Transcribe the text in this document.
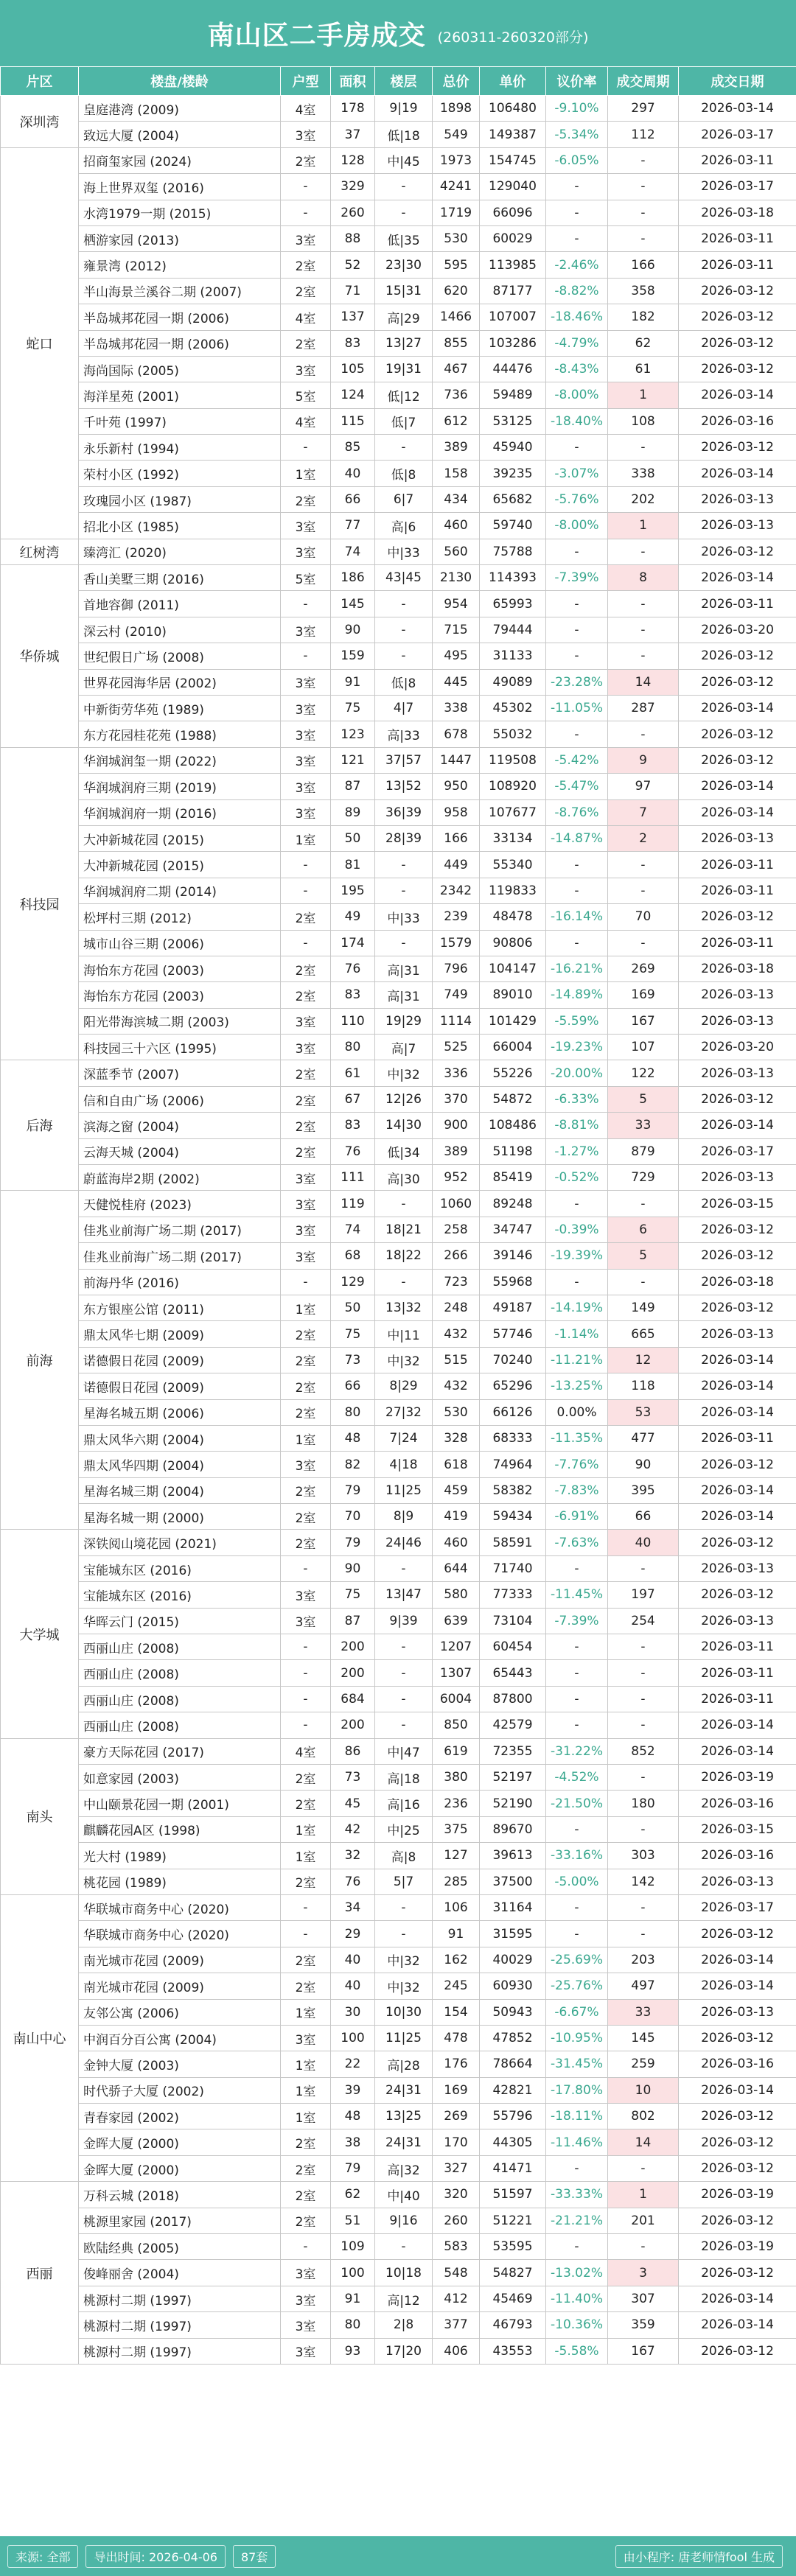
南山区二手房成交 (260311-260320部分)
片区	楼盘/楼龄	户型	面积	楼层	总价	单价	议价率	成交周期	成交日期
深圳湾	皇庭港湾 (2009)	4室	178	9|19	1898	106480	-9.10%	297	2026-03-14
	致远大厦 (2004)	3室	37	低|18	549	149387	-5.34%	112	2026-03-17
蛇口	招商玺家园 (2024)	2室	128	中|45	1973	154745	-6.05%	-	2026-03-11
	海上世界双玺 (2016)	-	329	-	4241	129040	-	-	2026-03-17
	水湾1979一期 (2015)	-	260	-	1719	66096	-	-	2026-03-18
	栖游家园 (2013)	3室	88	低|35	530	60029	-	-	2026-03-11
	雍景湾 (2012)	2室	52	23|30	595	113985	-2.46%	166	2026-03-11
	半山海景兰溪谷二期 (2007)	2室	71	15|31	620	87177	-8.82%	358	2026-03-12
	半岛城邦花园一期 (2006)	4室	137	高|29	1466	107007	-18.46%	182	2026-03-12
	半岛城邦花园一期 (2006)	2室	83	13|27	855	103286	-4.79%	62	2026-03-12
	海尚国际 (2005)	3室	105	19|31	467	44476	-8.43%	61	2026-03-12
	海洋星苑 (2001)	5室	124	低|12	736	59489	-8.00%	1	2026-03-14
	千叶苑 (1997)	4室	115	低|7	612	53125	-18.40%	108	2026-03-16
	永乐新村 (1994)	-	85	-	389	45940	-	-	2026-03-12
	荣村小区 (1992)	1室	40	低|8	158	39235	-3.07%	338	2026-03-14
	玫瑰园小区 (1987)	2室	66	6|7	434	65682	-5.76%	202	2026-03-13
	招北小区 (1985)	3室	77	高|6	460	59740	-8.00%	1	2026-03-13
红树湾	臻湾汇 (2020)	3室	74	中|33	560	75788	-	-	2026-03-12
华侨城	香山美墅三期 (2016)	5室	186	43|45	2130	114393	-7.39%	8	2026-03-14
	首地容御 (2011)	-	145	-	954	65993	-	-	2026-03-11
	深云村 (2010)	3室	90	-	715	79444	-	-	2026-03-20
	世纪假日广场 (2008)	-	159	-	495	31133	-	-	2026-03-12
	世界花园海华居 (2002)	3室	91	低|8	445	49089	-23.28%	14	2026-03-12
	中新街劳华苑 (1989)	3室	75	4|7	338	45302	-11.05%	287	2026-03-14
	东方花园桂花苑 (1988)	3室	123	高|33	678	55032	-	-	2026-03-12
科技园	华润城润玺一期 (2022)	3室	121	37|57	1447	119508	-5.42%	9	2026-03-12
	华润城润府三期 (2019)	3室	87	13|52	950	108920	-5.47%	97	2026-03-14
	华润城润府一期 (2016)	3室	89	36|39	958	107677	-8.76%	7	2026-03-14
	大冲新城花园 (2015)	1室	50	28|39	166	33134	-14.87%	2	2026-03-13
	大冲新城花园 (2015)	-	81	-	449	55340	-	-	2026-03-11
	华润城润府二期 (2014)	-	195	-	2342	119833	-	-	2026-03-11
	松坪村三期 (2012)	2室	49	中|33	239	48478	-16.14%	70	2026-03-12
	城市山谷三期 (2006)	-	174	-	1579	90806	-	-	2026-03-11
	海怡东方花园 (2003)	2室	76	高|31	796	104147	-16.21%	269	2026-03-18
	海怡东方花园 (2003)	2室	83	高|31	749	89010	-14.89%	169	2026-03-13
	阳光带海滨城二期 (2003)	3室	110	19|29	1114	101429	-5.59%	167	2026-03-13
	科技园三十六区 (1995)	3室	80	高|7	525	66004	-19.23%	107	2026-03-20
后海	深蓝季节 (2007)	2室	61	中|32	336	55226	-20.00%	122	2026-03-13
	信和自由广场 (2006)	2室	67	12|26	370	54872	-6.33%	5	2026-03-12
	滨海之窗 (2004)	2室	83	14|30	900	108486	-8.81%	33	2026-03-14
	云海天城 (2004)	2室	76	低|34	389	51198	-1.27%	879	2026-03-17
	蔚蓝海岸2期 (2002)	3室	111	高|30	952	85419	-0.52%	729	2026-03-13
前海	天健悦桂府 (2023)	3室	119	-	1060	89248	-	-	2026-03-15
	佳兆业前海广场二期 (2017)	3室	74	18|21	258	34747	-0.39%	6	2026-03-12
	佳兆业前海广场二期 (2017)	3室	68	18|22	266	39146	-19.39%	5	2026-03-12
	前海丹华 (2016)	-	129	-	723	55968	-	-	2026-03-18
	东方银座公馆 (2011)	1室	50	13|32	248	49187	-14.19%	149	2026-03-12
	鼎太风华七期 (2009)	2室	75	中|11	432	57746	-1.14%	665	2026-03-13
	诺德假日花园 (2009)	2室	73	中|32	515	70240	-11.21%	12	2026-03-14
	诺德假日花园 (2009)	2室	66	8|29	432	65296	-13.25%	118	2026-03-14
	星海名城五期 (2006)	2室	80	27|32	530	66126	0.00%	53	2026-03-14
	鼎太风华六期 (2004)	1室	48	7|24	328	68333	-11.35%	477	2026-03-11
	鼎太风华四期 (2004)	3室	82	4|18	618	74964	-7.76%	90	2026-03-12
	星海名城三期 (2004)	2室	79	11|25	459	58382	-7.83%	395	2026-03-14
	星海名城一期 (2000)	2室	70	8|9	419	59434	-6.91%	66	2026-03-14
大学城	深铁阅山境花园 (2021)	2室	79	24|46	460	58591	-7.63%	40	2026-03-12
	宝能城东区 (2016)	-	90	-	644	71740	-	-	2026-03-13
	宝能城东区 (2016)	3室	75	13|47	580	77333	-11.45%	197	2026-03-12
	华晖云门 (2015)	3室	87	9|39	639	73104	-7.39%	254	2026-03-13
	西丽山庄 (2008)	-	200	-	1207	60454	-	-	2026-03-11
	西丽山庄 (2008)	-	200	-	1307	65443	-	-	2026-03-11
	西丽山庄 (2008)	-	684	-	6004	87800	-	-	2026-03-11
	西丽山庄 (2008)	-	200	-	850	42579	-	-	2026-03-14
南头	豪方天际花园 (2017)	4室	86	中|47	619	72355	-31.22%	852	2026-03-14
	如意家园 (2003)	2室	73	高|18	380	52197	-4.52%	-	2026-03-19
	中山颐景花园一期 (2001)	2室	45	高|16	236	52190	-21.50%	180	2026-03-16
	麒麟花园A区 (1998)	1室	42	中|25	375	89670	-	-	2026-03-15
	光大村 (1989)	1室	32	高|8	127	39613	-33.16%	303	2026-03-16
	桃花园 (1989)	2室	76	5|7	285	37500	-5.00%	142	2026-03-13
南山中心	华联城市商务中心 (2020)	-	34	-	106	31164	-	-	2026-03-17
	华联城市商务中心 (2020)	-	29	-	91	31595	-	-	2026-03-12
	南光城市花园 (2009)	2室	40	中|32	162	40029	-25.69%	203	2026-03-14
	南光城市花园 (2009)	2室	40	中|32	245	60930	-25.76%	497	2026-03-14
	友邻公寓 (2006)	1室	30	10|30	154	50943	-6.67%	33	2026-03-13
	中润百分百公寓 (2004)	3室	100	11|25	478	47852	-10.95%	145	2026-03-12
	金钟大厦 (2003)	1室	22	高|28	176	78664	-31.45%	259	2026-03-16
	时代骄子大厦 (2002)	1室	39	24|31	169	42821	-17.80%	10	2026-03-14
	青春家园 (2002)	1室	48	13|25	269	55796	-18.11%	802	2026-03-12
	金晖大厦 (2000)	2室	38	24|31	170	44305	-11.46%	14	2026-03-12
	金晖大厦 (2000)	2室	79	高|32	327	41471	-	-	2026-03-12
西丽	万科云城 (2018)	2室	62	中|40	320	51597	-33.33%	1	2026-03-19
	桃源里家园 (2017)	2室	51	9|16	260	51221	-21.21%	201	2026-03-12
	欧陆经典 (2005)	-	109	-	583	53595	-	-	2026-03-19
	俊峰丽舍 (2004)	3室	100	10|18	548	54827	-13.02%	3	2026-03-12
	桃源村二期 (1997)	3室	91	高|12	412	45469	-11.40%	307	2026-03-14
	桃源村二期 (1997)	3室	80	2|8	377	46793	-10.36%	359	2026-03-14
	桃源村二期 (1997)	3室	93	17|20	406	43553	-5.58%	167	2026-03-12
来源: 全部	导出时间: 2026-04-06	87套	由小程序: 唐老师情fool 生成
